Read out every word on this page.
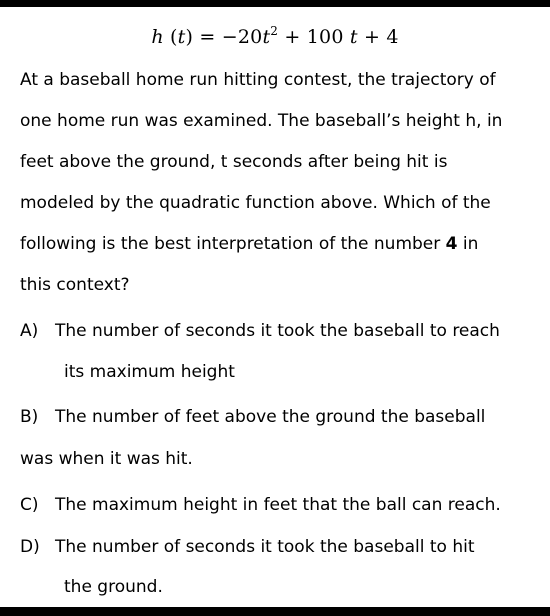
h $(t) = -20t^2 + 100$ t + 4
At a baseball home run hitting contest, the trajectory of
one home run was examined. The baseball’s height h, in
feet above the ground, t seconds after being hit is
modeled by the quadratic function above. Which of the
following is the best interpretation of the number 4 in
this context?
A) The number of seconds it took the baseball to reach
its maximum height
B) The number of feet above the ground the baseball
was when it was hit.
C) The maximum height in feet that the ball can reach.
D) The number of seconds it took the baseball to hit
the ground.
